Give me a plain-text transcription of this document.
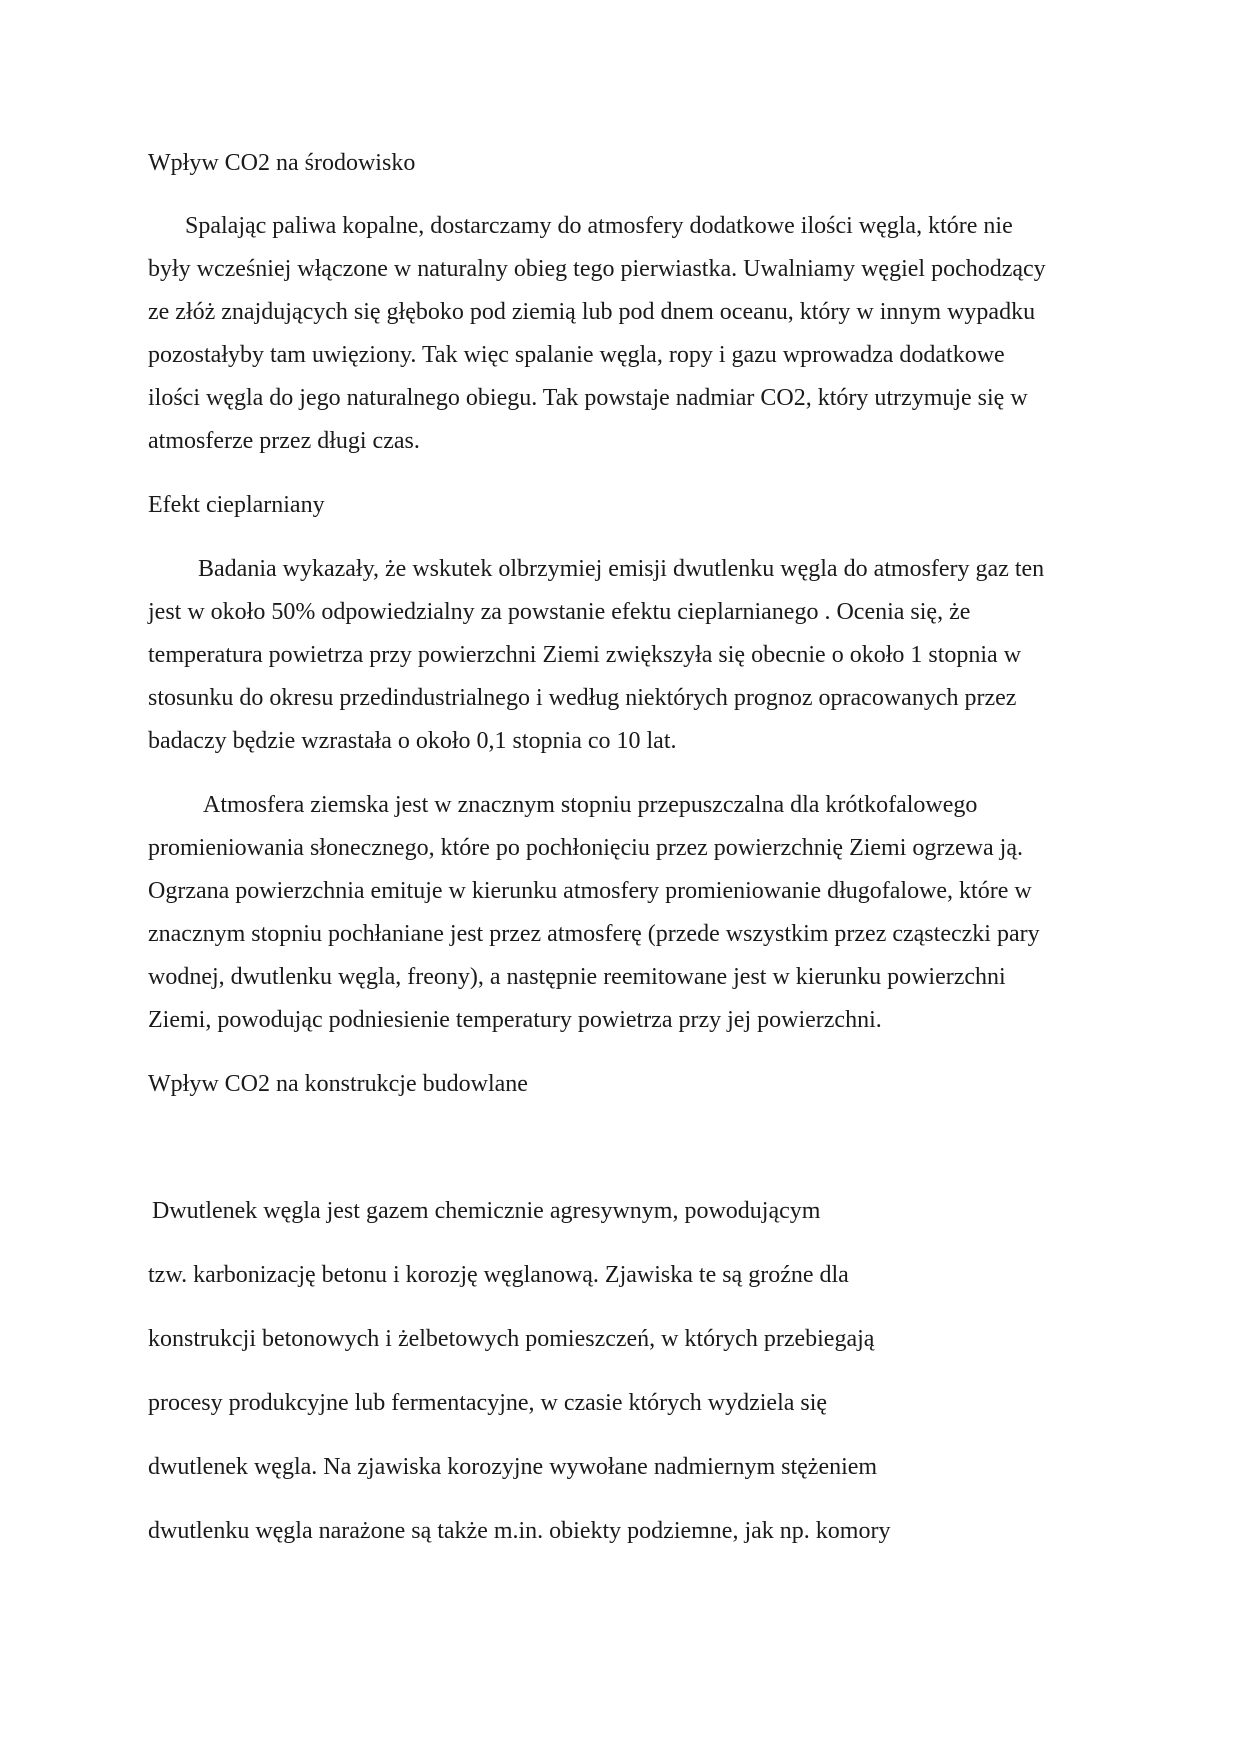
Wpływ CO2 na środowisko

Spalając paliwa kopalne, dostarczamy do atmosfery dodatkowe ilości węgla, które nie

były wcześniej włączone w naturalny obieg tego pierwiastka. Uwalniamy węgiel pochodzący

ze złóż znajdujących się głęboko pod ziemią lub pod dnem oceanu, który w innym wypadku

pozostałyby tam uwięziony. Tak więc spalanie węgla, ropy i gazu wprowadza dodatkowe

ilości węgla do jego naturalnego obiegu. Tak powstaje nadmiar CO2, który utrzymuje się w

atmosferze przez długi czas.

Efekt cieplarniany

Badania wykazały, że wskutek olbrzymiej emisji dwutlenku węgla do atmosfery gaz ten

jest w około 50% odpowiedzialny za powstanie efektu cieplarnianego . Ocenia się, że

temperatura powietrza przy powierzchni Ziemi zwiększyła się obecnie o około 1 stopnia w

stosunku do okresu przedindustrialnego i według niektórych prognoz opracowanych przez

badaczy będzie wzrastała o około 0,1 stopnia co 10 lat.

Atmosfera ziemska jest w znacznym stopniu przepuszczalna dla krótkofalowego

promieniowania słonecznego, które po pochłonięciu przez powierzchnię Ziemi ogrzewa ją.

Ogrzana powierzchnia emituje w kierunku atmosfery promieniowanie długofalowe, które w

znacznym stopniu pochłaniane jest przez atmosferę (przede wszystkim przez cząsteczki pary

wodnej, dwutlenku węgla, freony), a następnie reemitowane jest w kierunku powierzchni

Ziemi, powodując podniesienie temperatury powietrza przy jej powierzchni.

Wpływ CO2 na konstrukcje budowlane

Dwutlenek węgla jest gazem chemicznie agresywnym, powodującym

tzw. karbonizację betonu i korozję węglanową. Zjawiska te są groźne dla

konstrukcji betonowych i żelbetowych pomieszczeń, w których przebiegają

procesy produkcyjne lub fermentacyjne, w czasie których wydziela się

dwutlenek węgla. Na zjawiska korozyjne wywołane nadmiernym stężeniem

dwutlenku węgla narażone są także m.in. obiekty podziemne, jak np. komory
